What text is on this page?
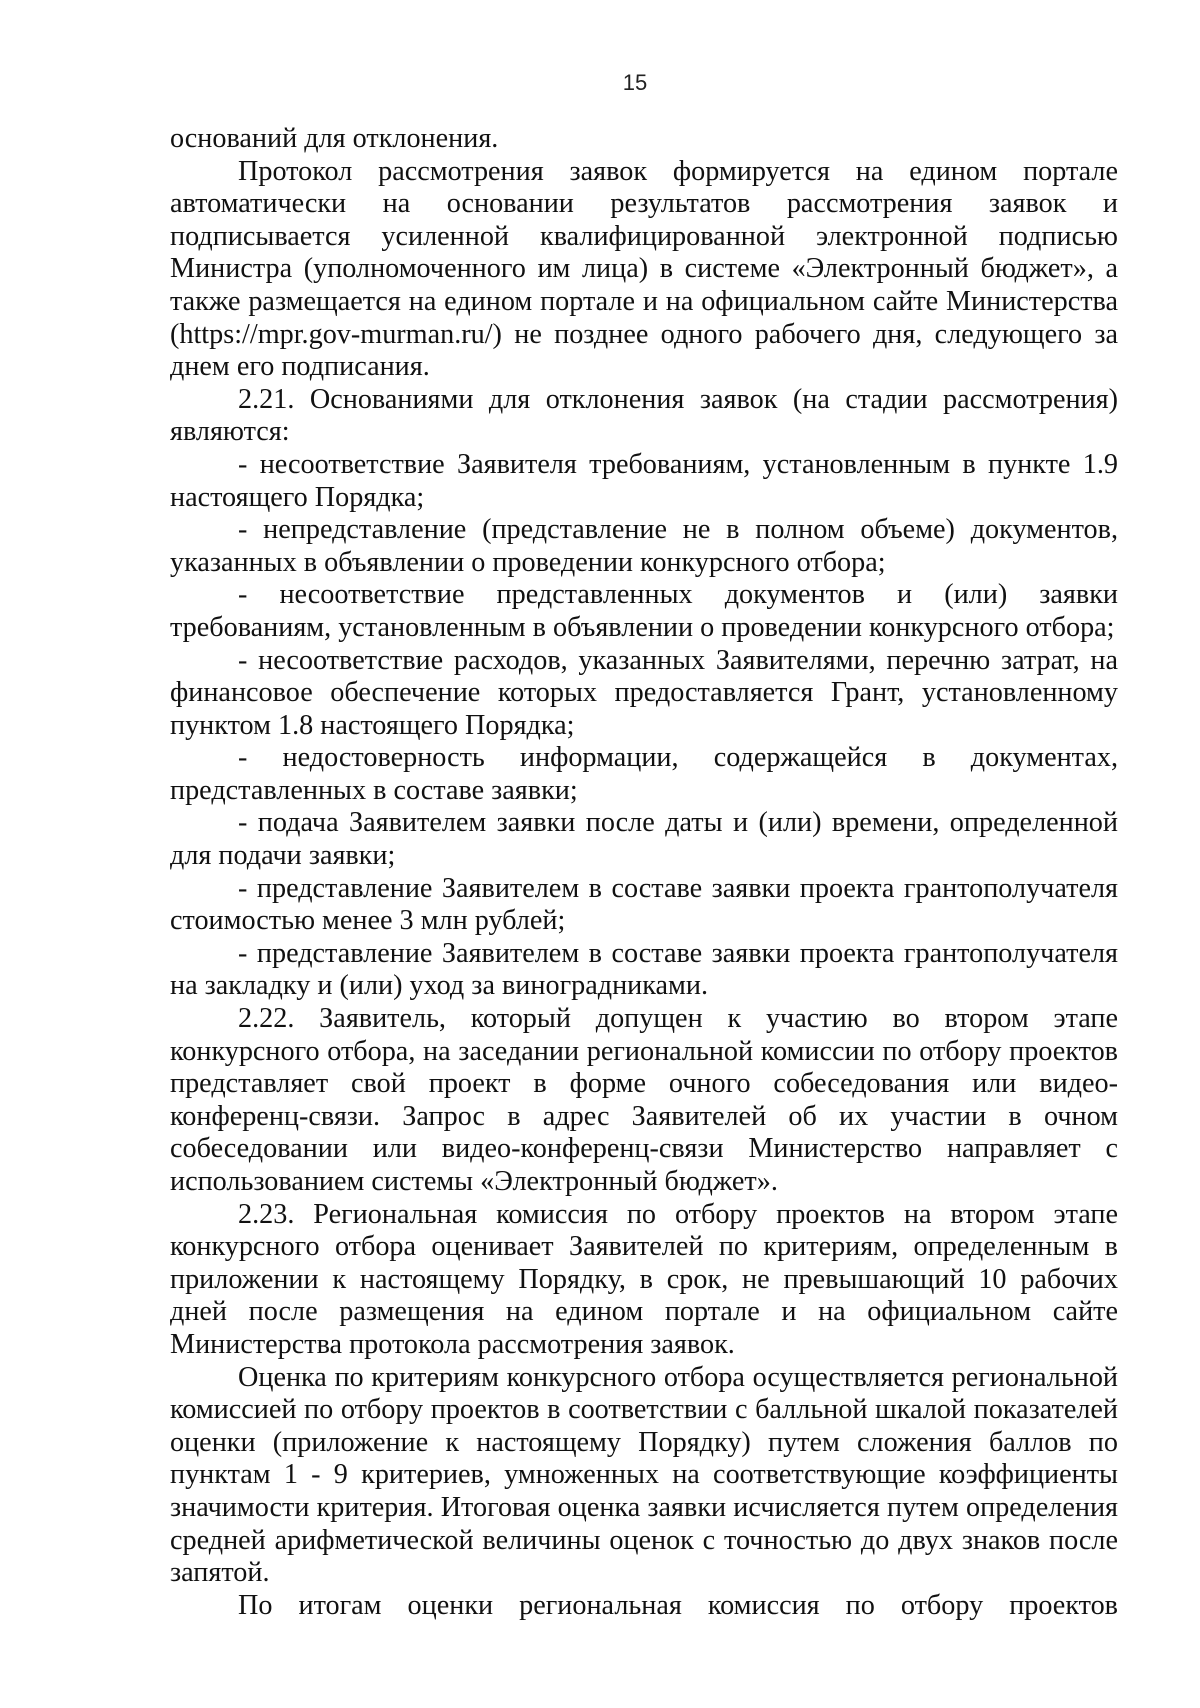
15

оснований для отклонения.

Протокол рассмотрения заявок формируется на едином портале автоматически на основании результатов рассмотрения заявок и подписывается усиленной квалифицированной электронной подписью Министра (уполномоченного им лица) в системе «Электронный бюджет», а также размещается на едином портале и на официальном сайте Министерства (https://mpr.gov-murman.ru/) не позднее одного рабочего дня, следующего за днем его подписания.

2.21. Основаниями для отклонения заявок (на стадии рассмотрения) являются:

- несоответствие Заявителя требованиям, установленным в пункте 1.9 настоящего Порядка;

- непредставление (представление не в полном объеме) документов, указанных в объявлении о проведении конкурсного отбора;

- несоответствие представленных документов и (или) заявки требованиям, установленным в объявлении о проведении конкурсного отбора;

- несоответствие расходов, указанных Заявителями, перечню затрат, на финансовое обеспечение которых предоставляется Грант, установленному пунктом 1.8 настоящего Порядка;

- недостоверность информации, содержащейся в документах, представленных в составе заявки;

- подача Заявителем заявки после даты и (или) времени, определенной для подачи заявки;

- представление Заявителем в составе заявки проекта грантополучателя стоимостью менее 3 млн рублей;

- представление Заявителем в составе заявки проекта грантополучателя на закладку и (или) уход за виноградниками.

2.22. Заявитель, который допущен к участию во втором этапе конкурсного отбора, на заседании региональной комиссии по отбору проектов представляет свой проект в форме очного собеседования или видео-конференц-связи. Запрос в адрес Заявителей об их участии в очном собеседовании или видео-конференц-связи Министерство направляет с использованием системы «Электронный бюджет».

2.23. Региональная комиссия по отбору проектов на втором этапе конкурсного отбора оценивает Заявителей по критериям, определенным в приложении к настоящему Порядку, в срок, не превышающий 10 рабочих дней после размещения на едином портале и на официальном сайте Министерства протокола рассмотрения заявок.

Оценка по критериям конкурсного отбора осуществляется региональной комиссией по отбору проектов в соответствии с балльной шкалой показателей оценки (приложение к настоящему Порядку) путем сложения баллов по пунктам 1 - 9 критериев, умноженных на соответствующие коэффициенты значимости критерия. Итоговая оценка заявки исчисляется путем определения средней арифметической величины оценок с точностью до двух знаков после запятой.

По итогам оценки региональная комиссия по отбору проектов
